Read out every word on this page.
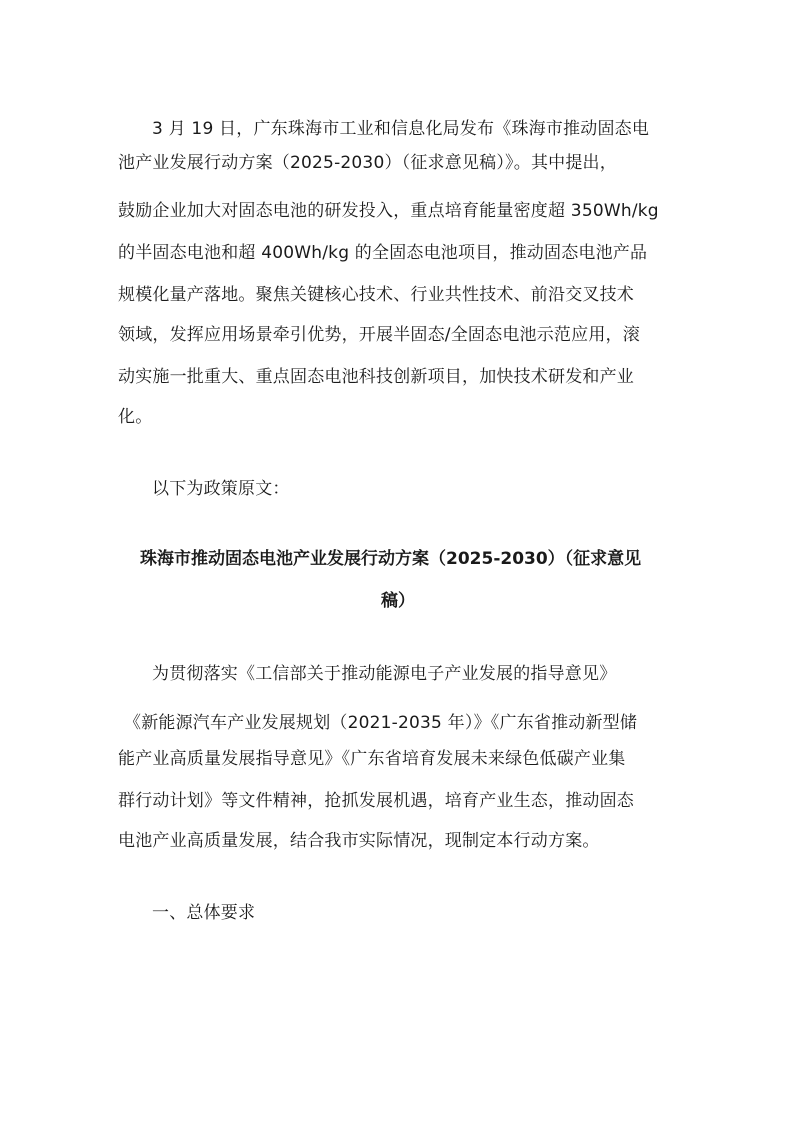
3 月 19 日，广东珠海市工业和信息化局发布《珠海市推动固态电
池产业发展行动方案（2025-2030）（征求意见稿）》。其中提出，
鼓励企业加大对固态电池的研发投入，重点培育能量密度超 350Wh/kg
的半固态电池和超 400Wh/kg 的全固态电池项目，推动固态电池产品
规模化量产落地。聚焦关键核心技术、行业共性技术、前沿交叉技术
领域，发挥应用场景牵引优势，开展半固态/全固态电池示范应用，滚
动实施一批重大、重点固态电池科技创新项目，加快技术研发和产业
化。
以下为政策原文：
珠海市推动固态电池产业发展行动方案（2025-2030）（征求意见
稿）
为贯彻落实《工信部关于推动能源电子产业发展的指导意见》
《新能源汽车产业发展规划（2021-2035 年）》《广东省推动新型储
能产业高质量发展指导意见》《广东省培育发展未来绿色低碳产业集
群行动计划》等文件精神，抢抓发展机遇，培育产业生态，推动固态
电池产业高质量发展，结合我市实际情况，现制定本行动方案。
一、总体要求
